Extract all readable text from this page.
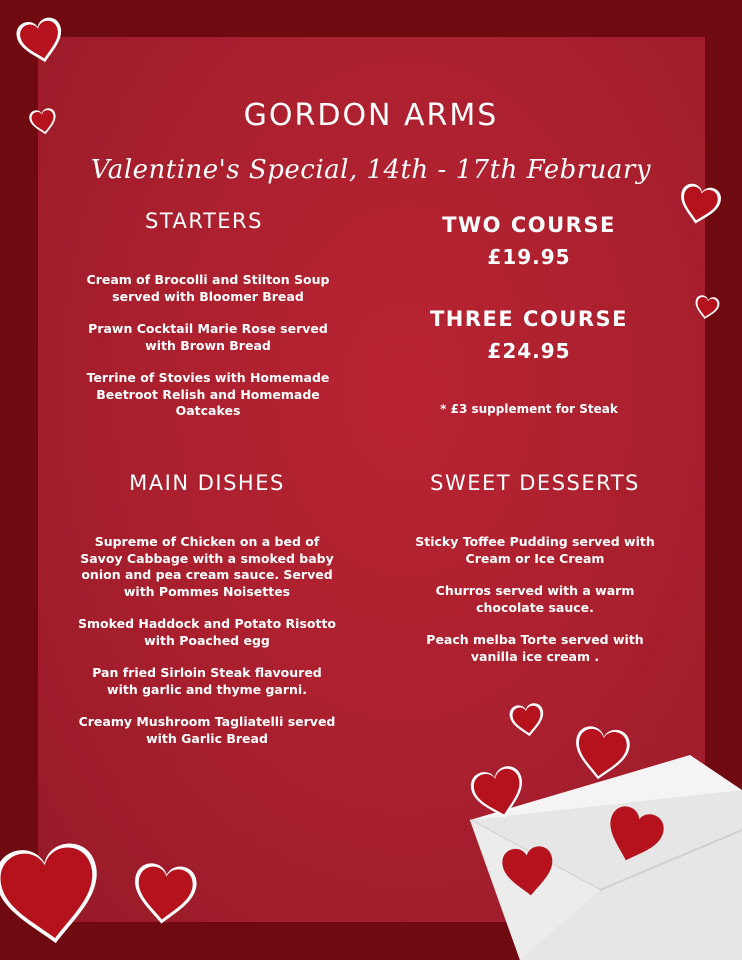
GORDON ARMS
Valentine's Special, 14th - 17th February
STARTERS
Cream of Brocolli and Stilton Soup served with Bloomer Bread
Prawn Cocktail Marie Rose served with Brown Bread
Terrine of Stovies with Homemade Beetroot Relish and Homemade Oatcakes
TWO COURSE
£19.95
THREE COURSE
£24.95
* £3 supplement for Steak
MAIN DISHES
Supreme of Chicken on a bed of Savoy Cabbage with a smoked baby onion and pea cream sauce. Served with Pommes Noisettes
Smoked Haddock and Potato Risotto with Poached egg
Pan fried Sirloin Steak flavoured with garlic and thyme garni.
Creamy Mushroom Tagliatelli served with Garlic Bread
SWEET DESSERTS
Sticky Toffee Pudding served with Cream or Ice Cream
Churros served with a warm chocolate sauce.
Peach melba Torte served with vanilla ice cream .
